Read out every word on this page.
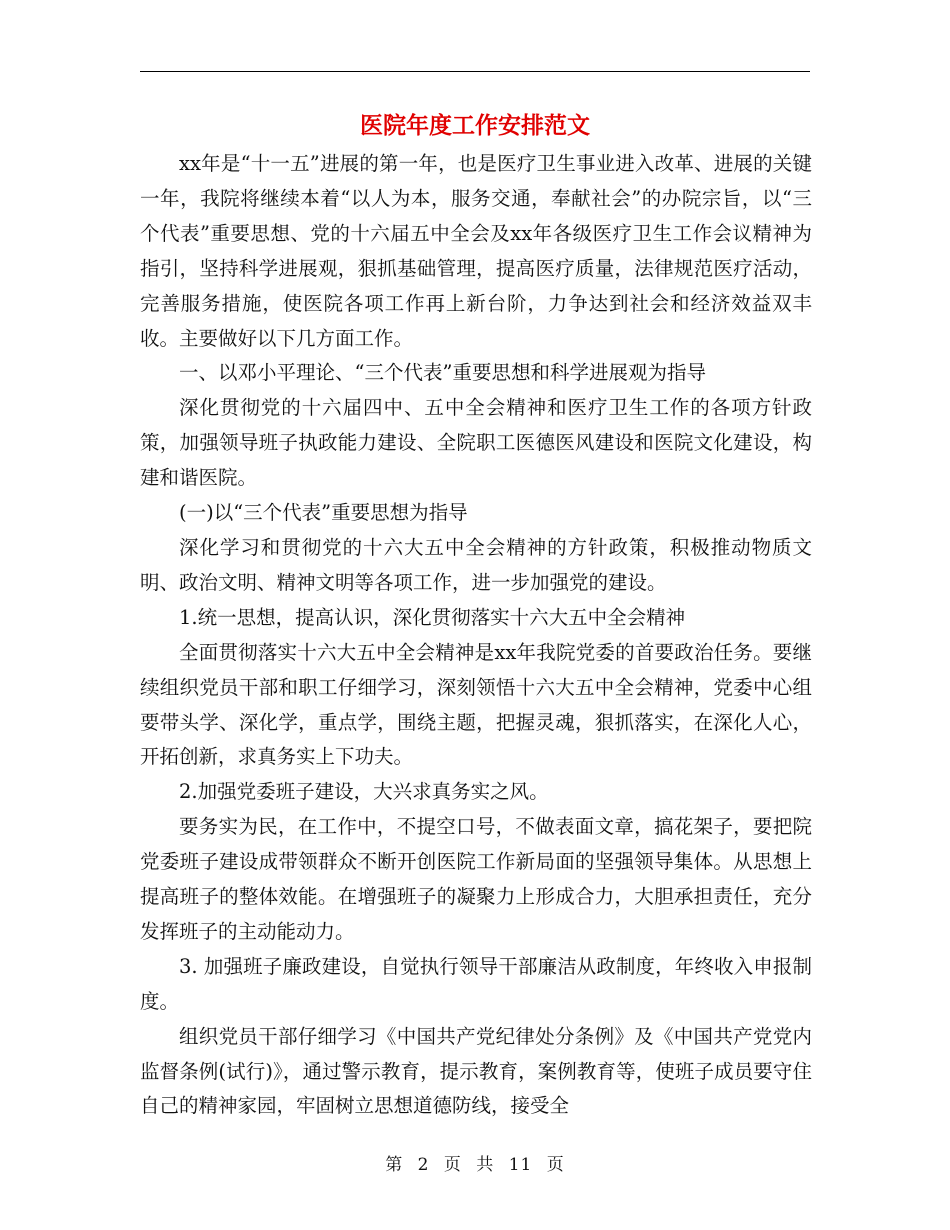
医院年度工作安排范文

xx年是“十一五”进展的第一年，也是医疗卫生事业进入改革、进展的关键一年，我院将继续本着“以人为本，服务交通，奉献社会”的办院宗旨，以“三个代表”重要思想、党的十六届五中全会及xx年各级医疗卫生工作会议精神为指引，坚持科学进展观，狠抓基础管理，提高医疗质量，法律规范医疗活动，完善服务措施，使医院各项工作再上新台阶，力争达到社会和经济效益双丰收。主要做好以下几方面工作。

一、以邓小平理论、“三个代表”重要思想和科学进展观为指导

深化贯彻党的十六届四中、五中全会精神和医疗卫生工作的各项方针政策，加强领导班子执政能力建设、全院职工医德医风建设和医院文化建设，构建和谐医院。

(一)以“三个代表”重要思想为指导

深化学习和贯彻党的十六大五中全会精神的方针政策，积极推动物质文明、政治文明、精神文明等各项工作，进一步加强党的建设。

1.统一思想，提高认识，深化贯彻落实十六大五中全会精神

全面贯彻落实十六大五中全会精神是xx年我院党委的首要政治任务。要继续组织党员干部和职工仔细学习，深刻领悟十六大五中全会精神，党委中心组要带头学、深化学，重点学，围绕主题，把握灵魂，狠抓落实，在深化人心，开拓创新，求真务实上下功夫。

2.加强党委班子建设，大兴求真务实之风。

要务实为民，在工作中，不提空口号，不做表面文章，搞花架子，要把院党委班子建设成带领群众不断开创医院工作新局面的坚强领导集体。从思想上提高班子的整体效能。在增强班子的凝聚力上形成合力，大胆承担责任，充分发挥班子的主动能动力。

3. 加强班子廉政建设，自觉执行领导干部廉洁从政制度，年终收入申报制度。

组织党员干部仔细学习《中国共产党纪律处分条例》及《中国共产党党内监督条例(试行)》，通过警示教育，提示教育，案例教育等，使班子成员要守住自己的精神家园，牢固树立思想道德防线，接受全

第 2 页 共 11 页
